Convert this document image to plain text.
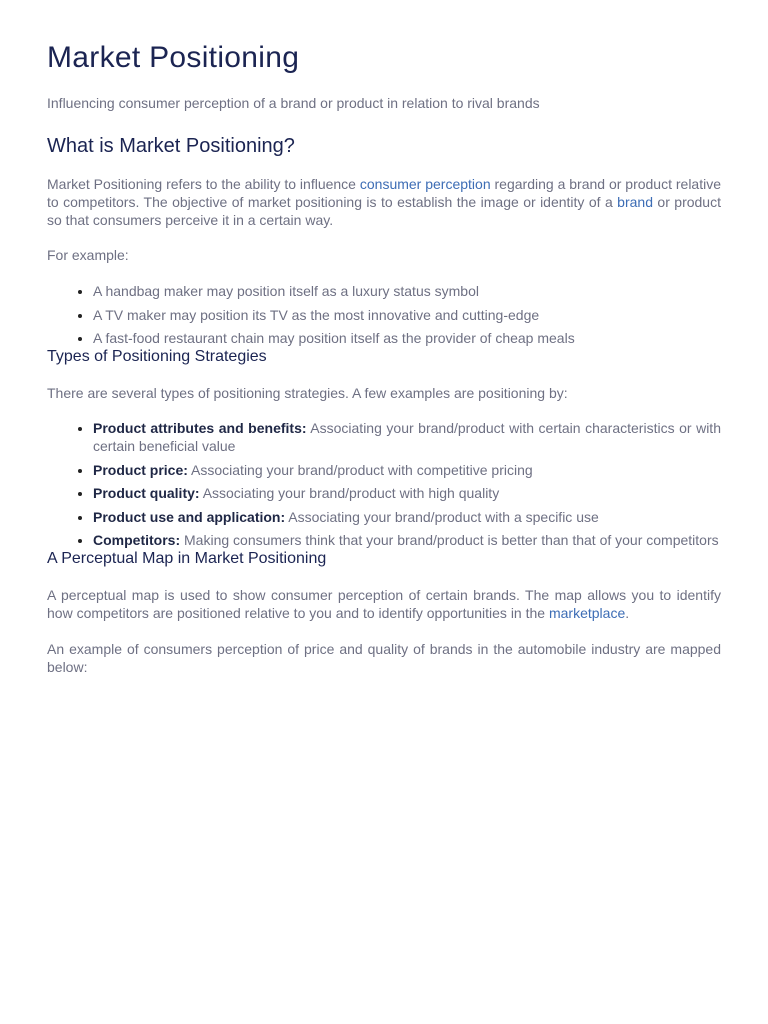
Market Positioning

Influencing consumer perception of a brand or product in relation to rival brands

What is Market Positioning?

Market Positioning refers to the ability to influence consumer perception regarding a brand or product relative to competitors. The objective of market positioning is to establish the image or identity of a brand or product so that consumers perceive it in a certain way.

For example:

• A handbag maker may position itself as a luxury status symbol
• A TV maker may position its TV as the most innovative and cutting-edge
• A fast-food restaurant chain may position itself as the provider of cheap meals
Types of Positioning Strategies

There are several types of positioning strategies. A few examples are positioning by:

• Product attributes and benefits: Associating your brand/product with certain characteristics or with certain beneficial value
• Product price: Associating your brand/product with competitive pricing
• Product quality: Associating your brand/product with high quality
• Product use and application: Associating your brand/product with a specific use
• Competitors: Making consumers think that your brand/product is better than that of your competitors
A Perceptual Map in Market Positioning

A perceptual map is used to show consumer perception of certain brands. The map allows you to identify how competitors are positioned relative to you and to identify opportunities in the marketplace.

An example of consumers perception of price and quality of brands in the automobile industry are mapped below:
